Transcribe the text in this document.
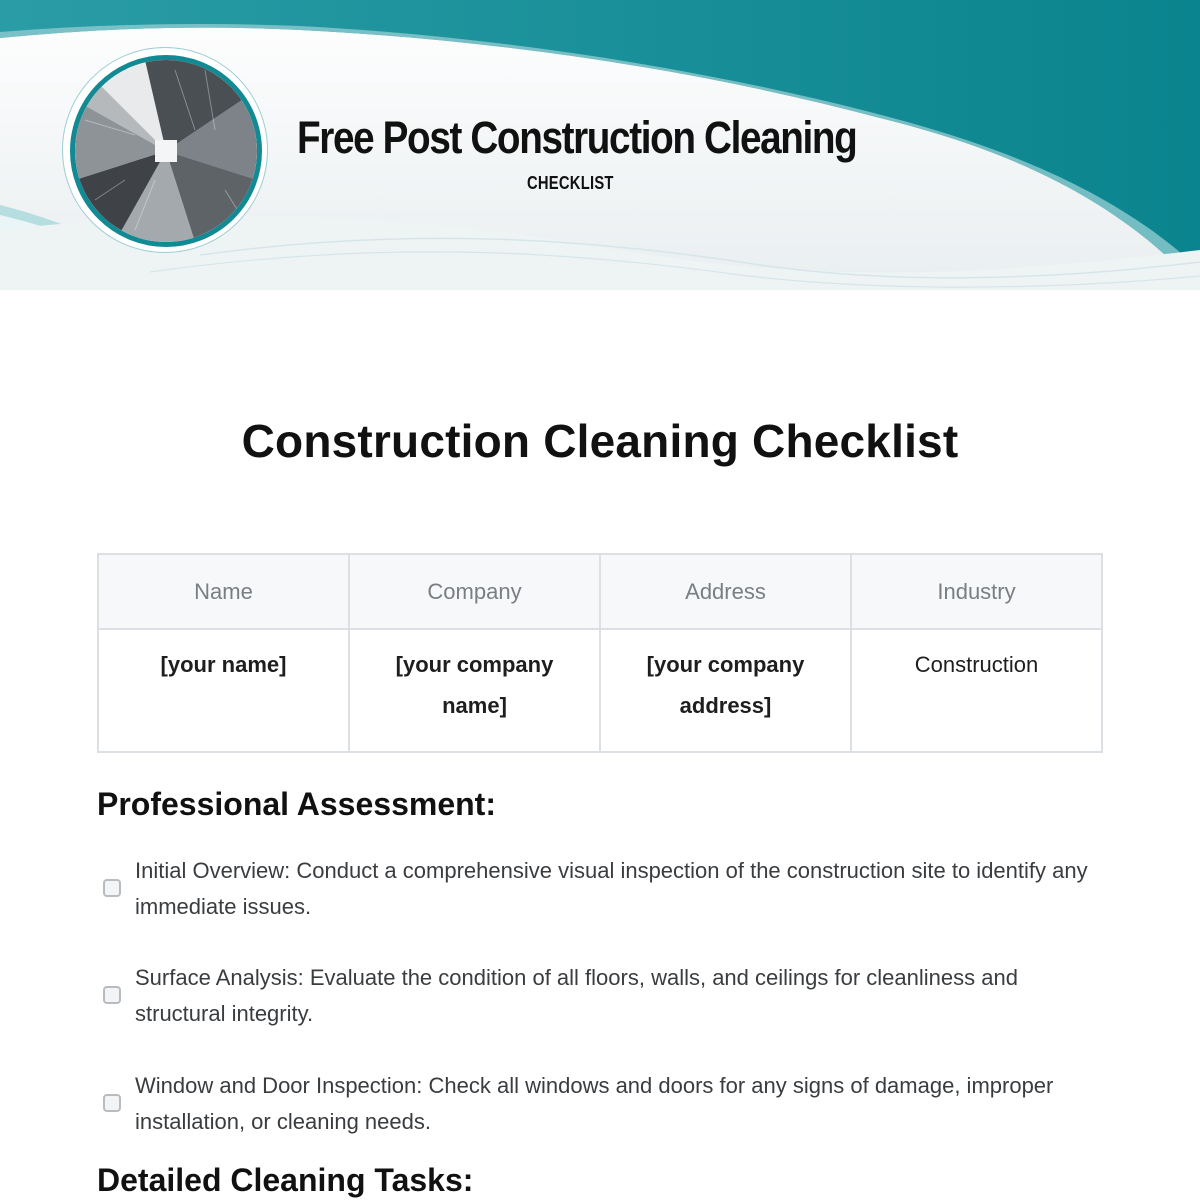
Free Post Construction Cleaning
CHECKLIST
Construction Cleaning Checklist
Name	Company	Address	Industry
[your name]	[your company name]	[your company address]	Construction
Professional Assessment:
Initial Overview: Conduct a comprehensive visual inspection of the construction site to identify any immediate issues.
Surface Analysis: Evaluate the condition of all floors, walls, and ceilings for cleanliness and structural integrity.
Window and Door Inspection: Check all windows and doors for any signs of damage, improper installation, or cleaning needs.
Detailed Cleaning Tasks:
